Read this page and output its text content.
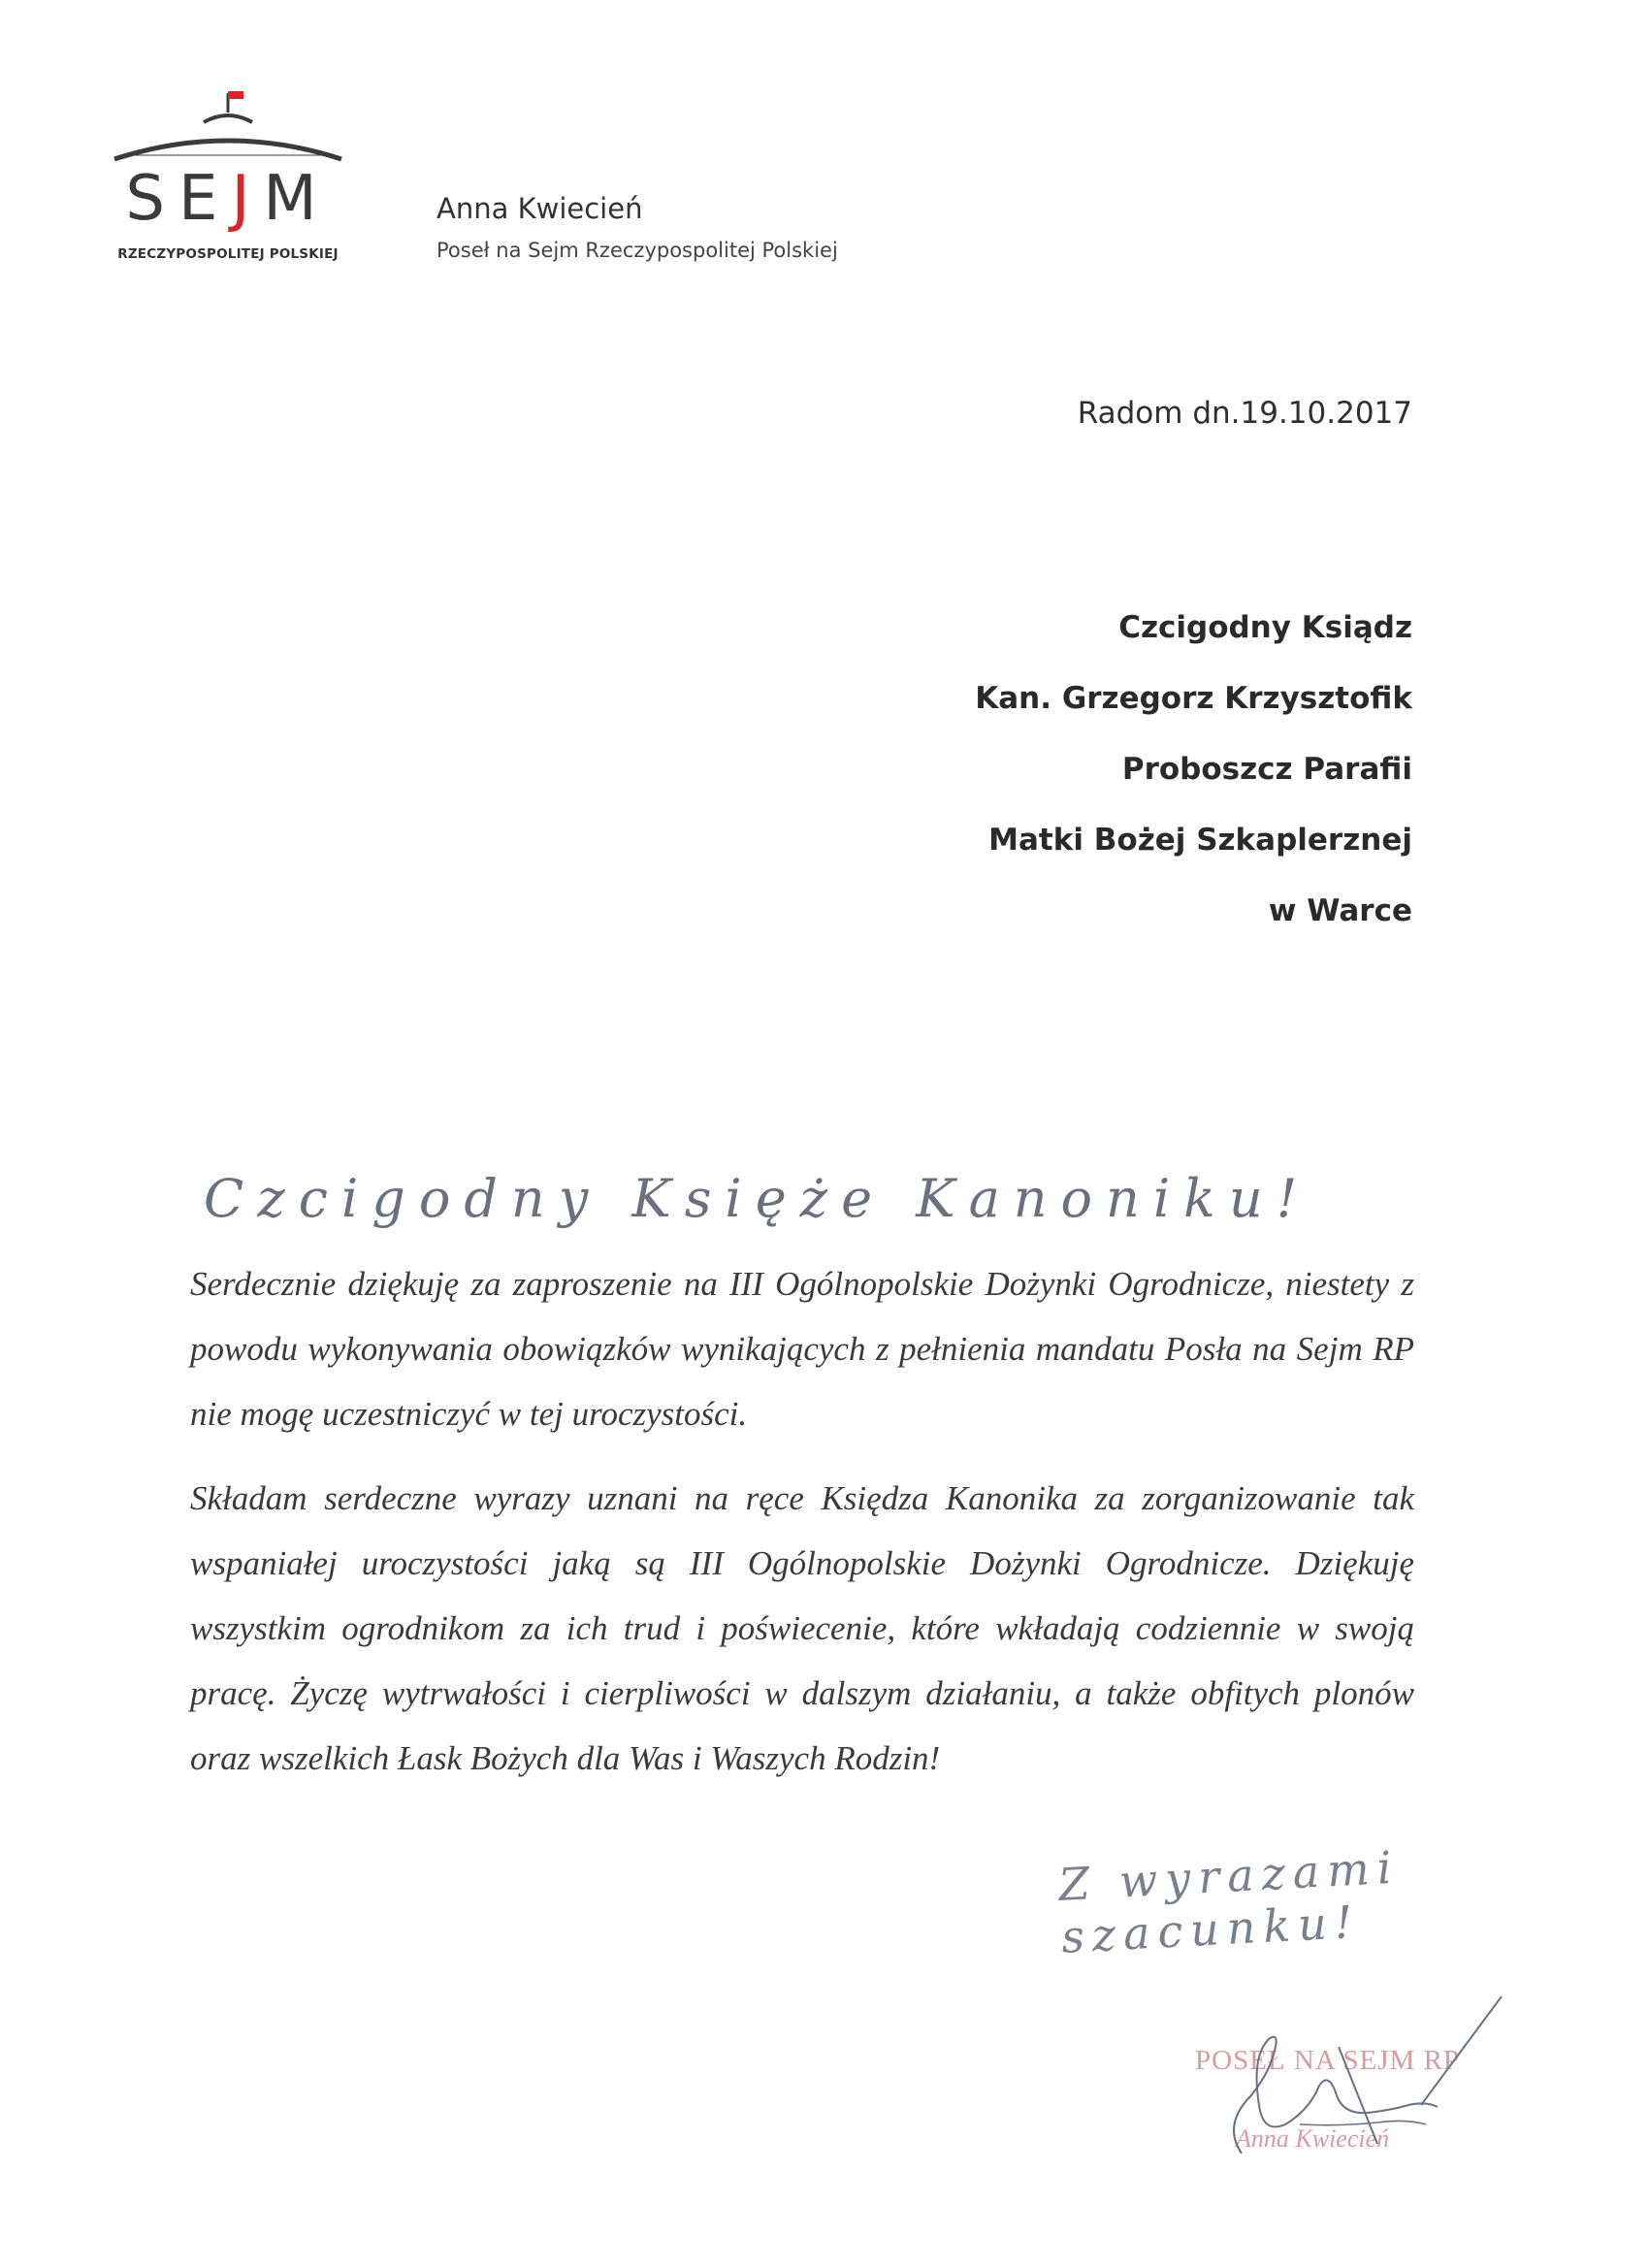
SEJM
RZECZYPOSPOLITEJ POLSKIEJ
Anna Kwiecień
Poseł na Sejm Rzeczypospolitej Polskiej
Radom dn.19.10.2017
Czcigodny Ksiądz
Kan. Grzegorz Krzysztofik
Proboszcz Parafii
Matki Bożej Szkaplerznej
w Warce
Czcigodny Księże Kanoniku!

Serdecznie dziękuję za zaproszenie na III Ogólnopolskie Dożynki Ogrodnicze, niestety z powodu wykonywania obowiązków wynikających z pełnienia mandatu Posła na Sejm RP nie mogę uczestniczyć w tej uroczystości.

Składam serdeczne wyrazy uznani na ręce Księdza Kanonika za zorganizowanie tak wspaniałej uroczystości jaką są III Ogólnopolskie Dożynki Ogrodnicze. Dziękuję wszystkim ogrodnikom za ich trud i poświecenie, które wkładają codziennie w swoją pracę. Życzę wytrwałości i cierpliwości w dalszym działaniu, a także obfitych plonów oraz wszelkich Łask Bożych dla Was i Waszych Rodzin!

Z wyrazami szacunku!
POSEŁ NA SEJM RP
Anna Kwiecień
